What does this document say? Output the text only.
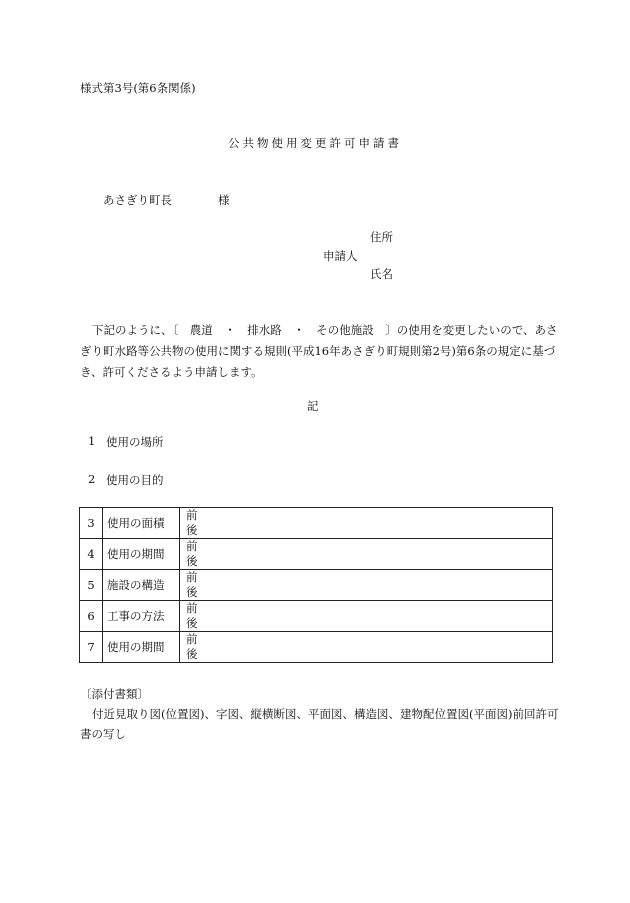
様式第3号(第6条関係)
公共物使用変更許可申請書
あさぎり町長	様
住所
申請人
氏名
下記のように、〔　農道　・　排水路　・　その他施設　〕の使用を変更したいので、あさぎり町水路等公共物の使用に関する規則(平成16年あさぎり町規則第2号)第6条の規定に基づき、許可くださるよう申請します。
記
1 使用の場所
2 使用の目的
3	使用の面積	前
後

4	使用の期間	前
後

5	施設の構造	前
後

6	工事の方法	前
後

7	使用の期間	前
後
〔添付書類〕
付近見取り図(位置図)、字図、縦横断図、平面図、構造図、建物配位置図(平面図)前回許可書の写し
